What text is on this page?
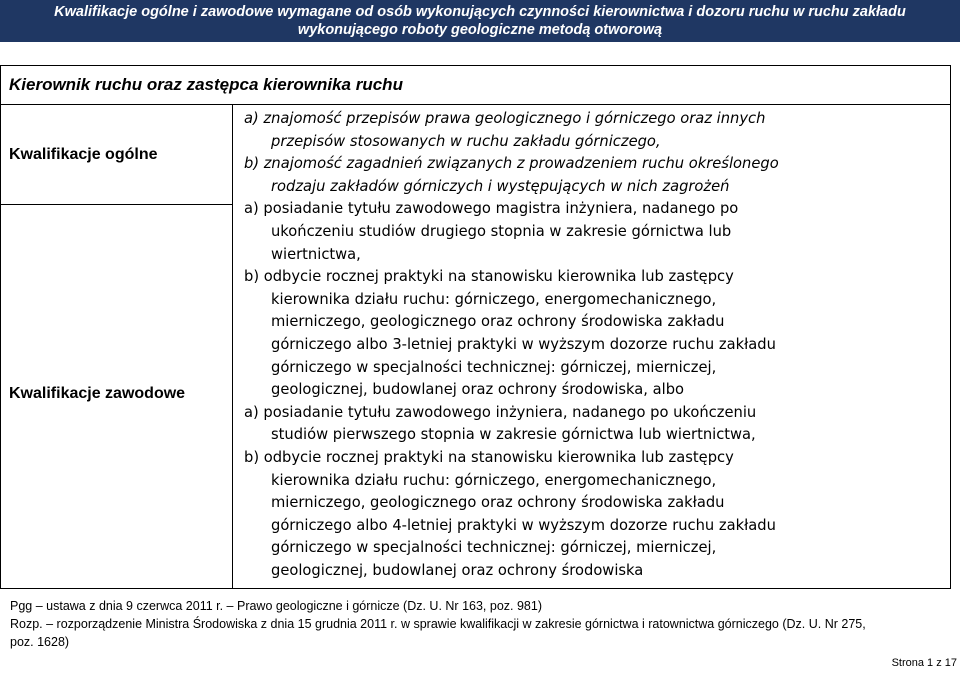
Kwalifikacje ogólne i zawodowe wymagane od osób wykonujących czynności kierownictwa i dozoru ruchu w ruchu zakładu
wykonującego roboty geologiczne metodą otworową
Kierownik ruchu oraz zastępca kierownika ruchu
Kwalifikacje ogólne
Kwalifikacje zawodowe
a) znajomość przepisów prawa geologicznego i górniczego oraz innych
przepisów stosowanych w ruchu zakładu górniczego,
b) znajomość zagadnień związanych z prowadzeniem ruchu określonego
rodzaju zakładów górniczych i występujących w nich zagrożeń
a) posiadanie tytułu zawodowego magistra inżyniera, nadanego po
ukończeniu studiów drugiego stopnia w zakresie górnictwa lub
wiertnictwa,
b) odbycie rocznej praktyki na stanowisku kierownika lub zastępcy
kierownika działu ruchu: górniczego, energomechanicznego,
mierniczego, geologicznego oraz ochrony środowiska zakładu
górniczego albo 3-letniej praktyki w wyższym dozorze ruchu zakładu
górniczego w specjalności technicznej: górniczej, mierniczej,
geologicznej, budowlanej oraz ochrony środowiska, albo
a) posiadanie tytułu zawodowego inżyniera, nadanego po ukończeniu
studiów pierwszego stopnia w zakresie górnictwa lub wiertnictwa,
b) odbycie rocznej praktyki na stanowisku kierownika lub zastępcy
kierownika działu ruchu: górniczego, energomechanicznego,
mierniczego, geologicznego oraz ochrony środowiska zakładu
górniczego albo 4-letniej praktyki w wyższym dozorze ruchu zakładu
górniczego w specjalności technicznej: górniczej, mierniczej,
geologicznej, budowlanej oraz ochrony środowiska
Pgg – ustawa z dnia 9 czerwca 2011 r. – Prawo geologiczne i górnicze (Dz. U. Nr 163, poz. 981)
Rozp. – rozporządzenie Ministra Środowiska z dnia 15 grudnia 2011 r. w sprawie kwalifikacji w zakresie górnictwa i ratownictwa górniczego (Dz. U. Nr 275,
poz. 1628)
Strona 1 z 17
